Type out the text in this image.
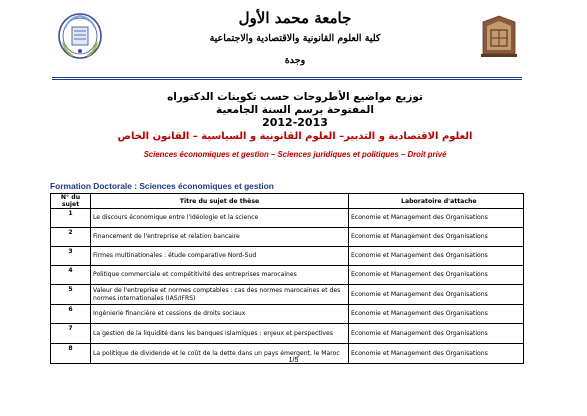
جامعة محمد الأول
كلية العلوم القانونية والاقتصادية والاجتماعية
وجدة
توزيع مواضيع الأطروحات حسب تكوينات الدكتوراه
المفتوحة برسم السنة الجامعية
2012-2013
العلوم الاقتصادية و التدبير– العلوم القانونية و السياسية – القانون الخاص
Sciences économiques et gestion – Sciences juridiques et politiques – Droit privé
Formation Doctorale : Sciences économiques et gestion
N° du sujet	Titre du sujet de thèse	Laboratoire d'attache
1	Le discours économique entre l'idéologie et la science	Economie et Management des Organisations
2	Financement de l'entreprise et relation bancaire	Economie et Management des Organisations
3	Firmes multinationales : étude comparative Nord-Sud	Economie et Management des Organisations
4	Politique commerciale et compétitivité des entreprises marocaines	Economie et Management des Organisations
5	Valeur de l'entreprise et normes comptables : cas des normes marocaines et des normes internationales (IAS/IFRS)	Economie et Management des Organisations
6	Ingénierie financière et cessions de droits sociaux	Economie et Management des Organisations
7	La gestion de la liquidité dans les banques islamiques : enjeux et perspectives	Economie et Management des Organisations
8	La politique de dividende et le coût de la dette dans un pays émergent, le Maroc	Economie et Management des Organisations
1/5
